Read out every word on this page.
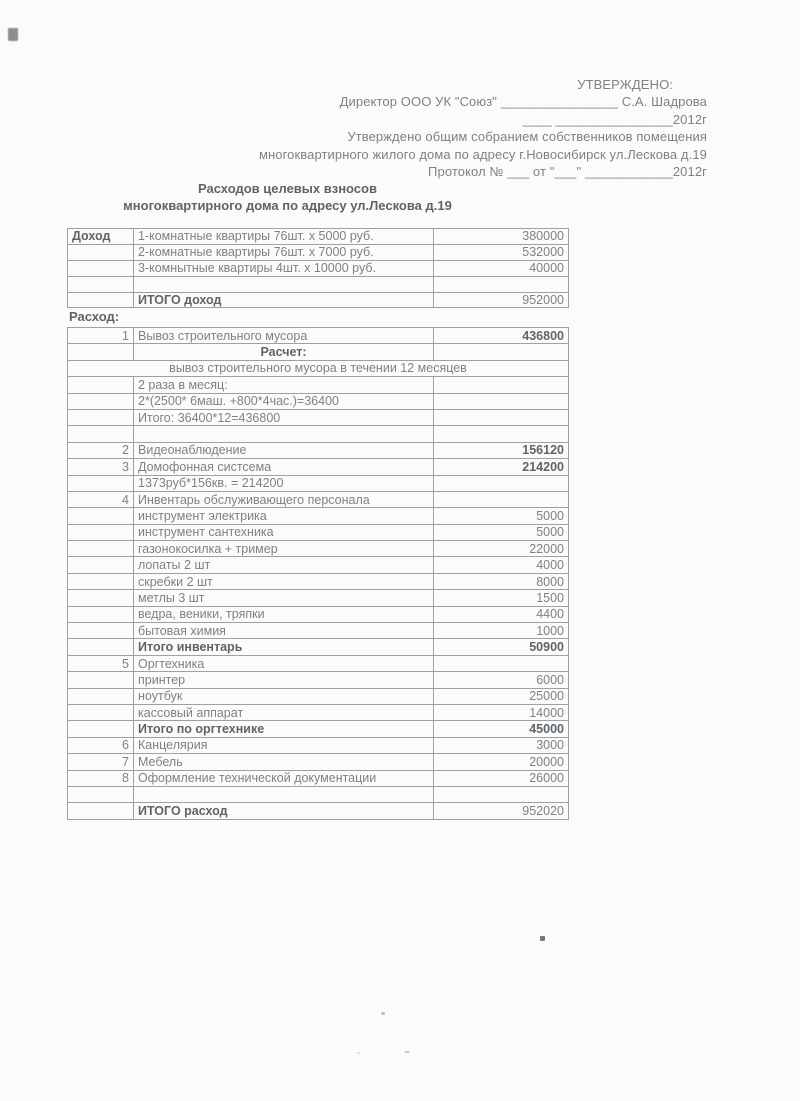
УТВЕРЖДЕНО:
Директор ООО УК "Союз" ________________ С.А. Шадрова
____ ________________2012г
Утверждено общим собранием собственников помещения
многоквартирного жилого дома по адресу г.Новосибирск ул.Лескова д.19
Протокол № ___ от "___" ____________2012г
Расходов целевых взносов
многоквартирного дома по адресу ул.Лескова д.19
Доход	1-комнатные квартиры 76шт. х 5000 руб.	380000
	2-комнатные квартиры 76шт. х 7000 руб.	532000
	3-комнытные квартиры 4шт. х 10000 руб.	40000

	ИТОГО доход	952000
Расход:
1	Вывоз строительного мусора	436800
	Расчет:	
вывоз строительного мусора в течении 12 месяцев		
	2 раза в месяц:	
	2*(2500* 6маш. +800*4час.)=36400	
	Итого: 36400*12=436800	

2	Видеонаблюдение	156120
3	Домофонная систсема	214200
	1373руб*156кв. = 214200	
4	Инвентарь обслуживающего персонала	
	инструмент электрика	5000
	инструмент сантехника	5000
	газонокосилка + тример	22000
	лопаты 2 шт	4000
	скребки 2 шт	8000
	метлы 3 шт	1500
	ведра, веники, тряпки	4400
	бытовая химия	1000
	Итого инвентарь	50900
5	Оргтехника	
	принтер	6000
	ноутбук	25000
	кассовый аппарат	14000
	Итого по оргтехнике	45000
6	Канцелярия	3000
7	Мебель	20000
8	Оформление технической документации	26000

	ИТОГО расход	952020
